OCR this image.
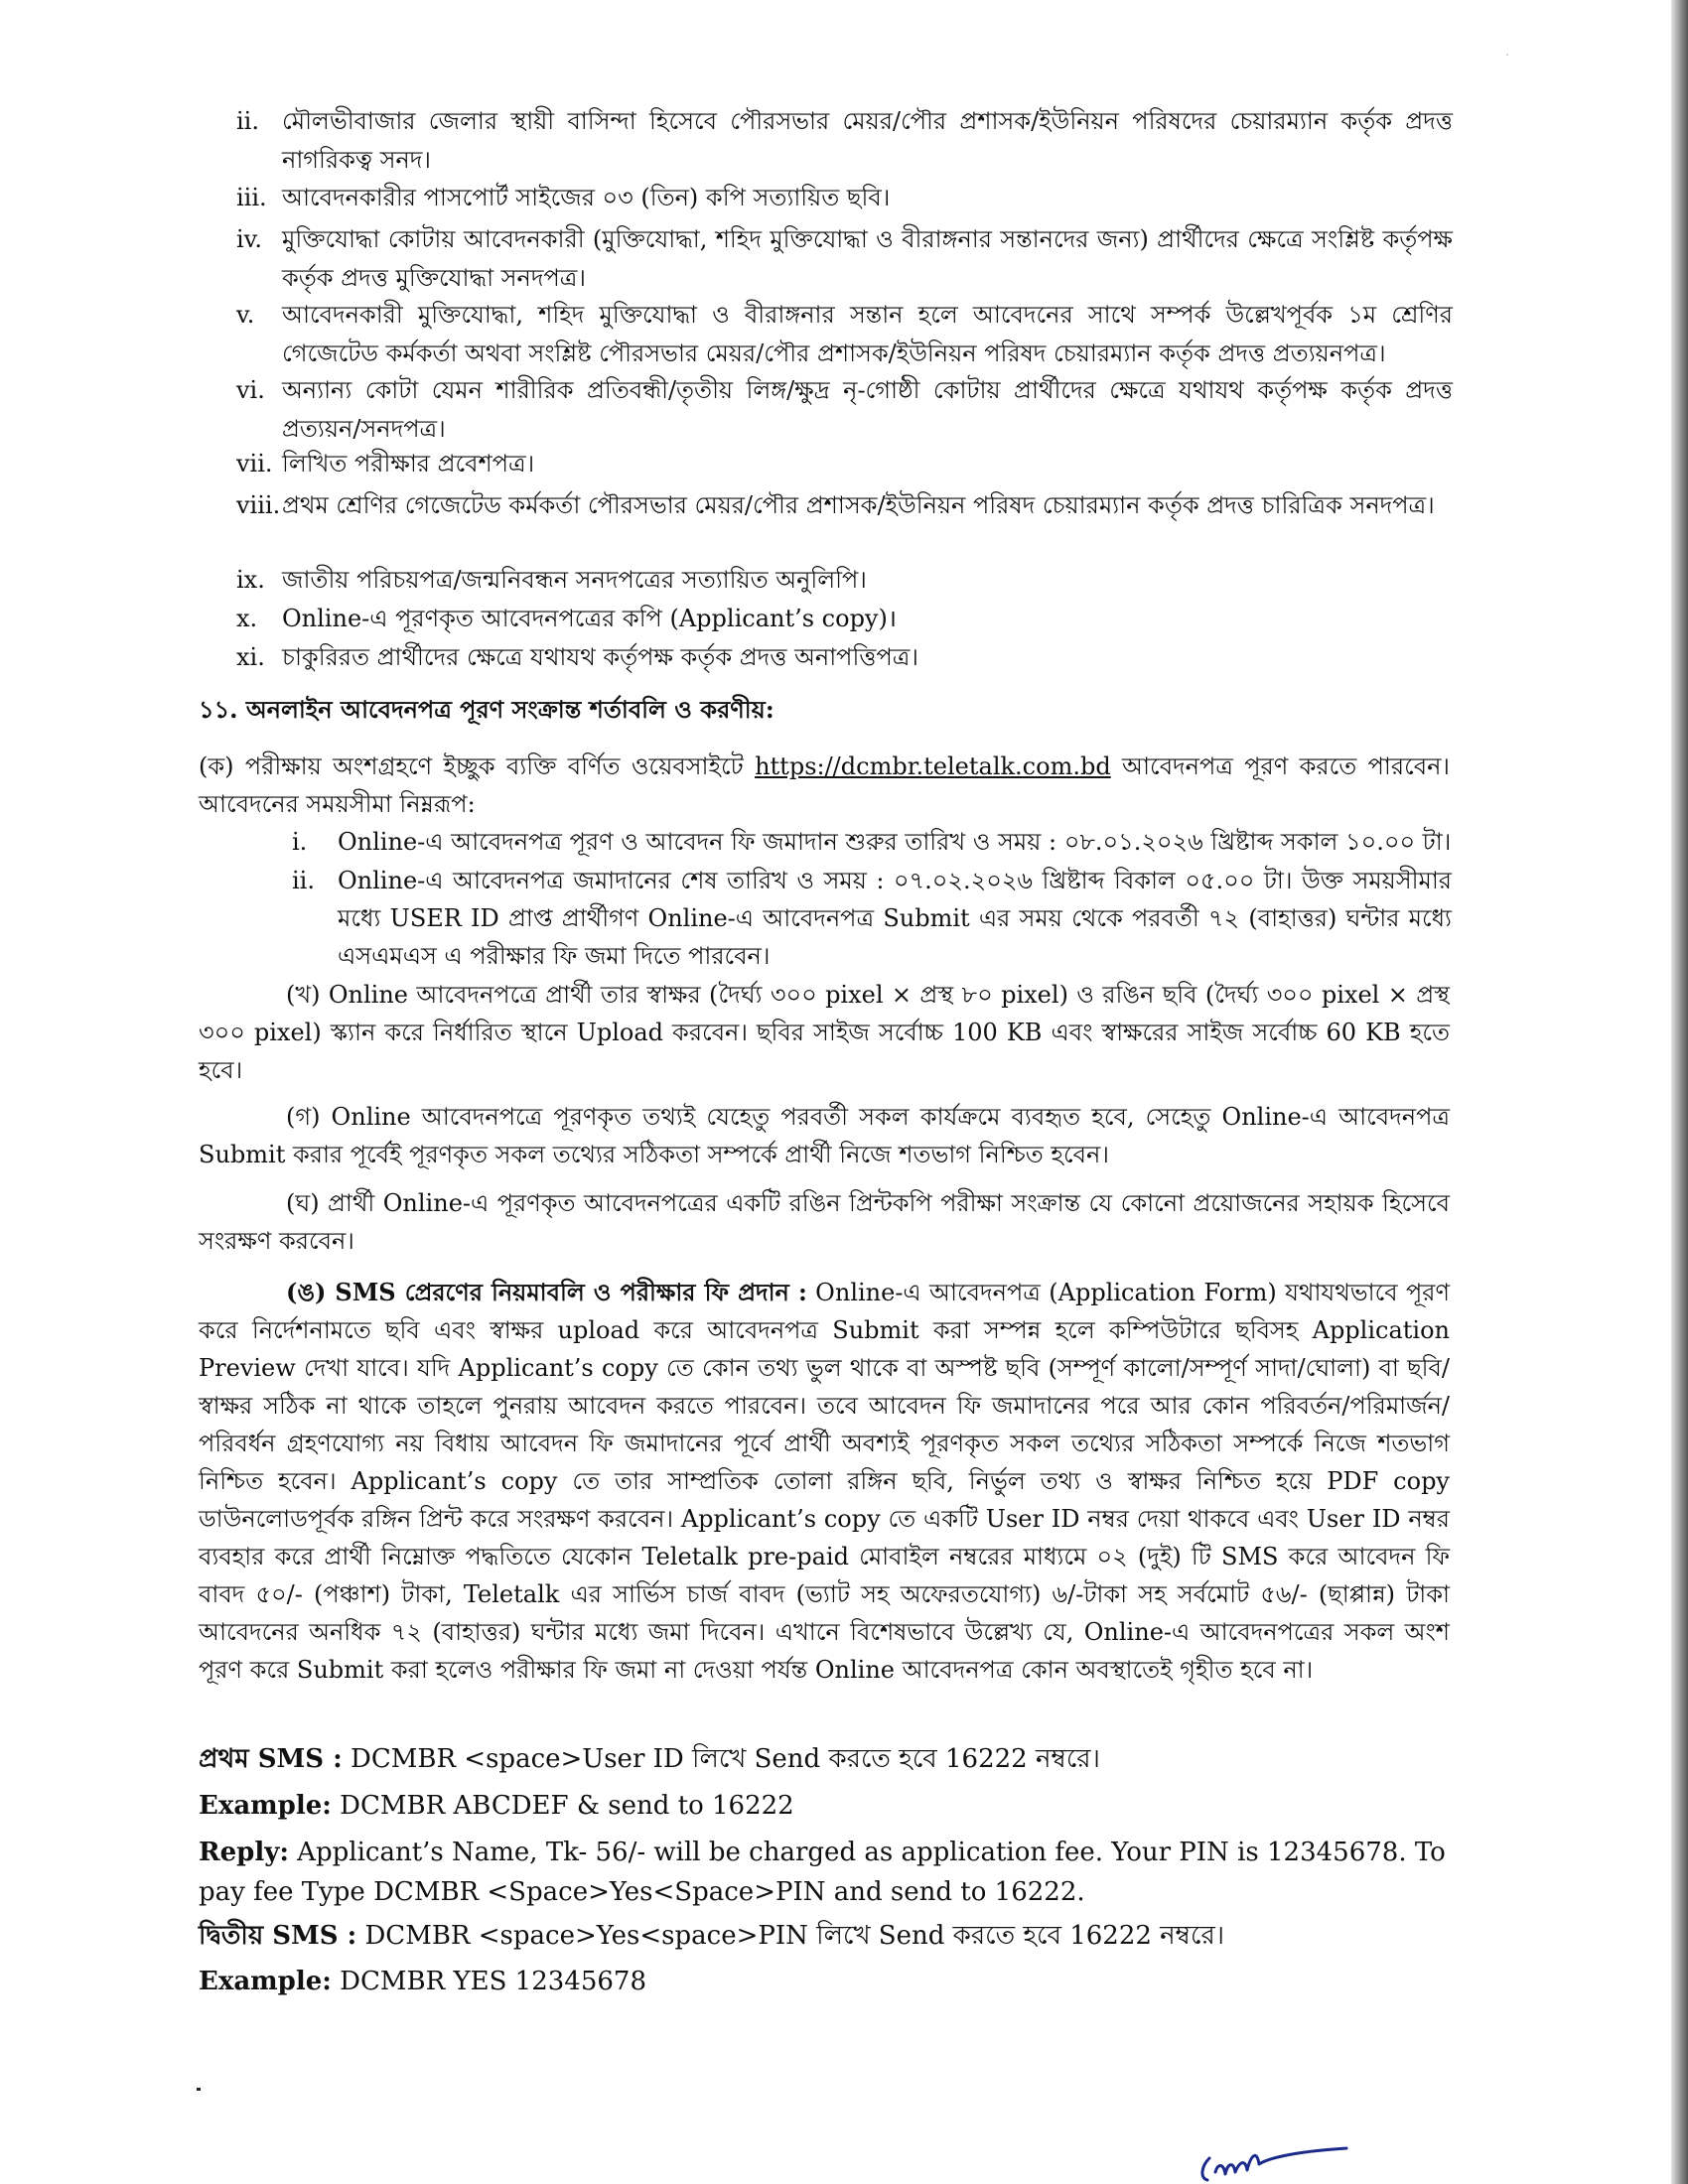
·
ii. মৌলভীবাজার জেলার স্থায়ী বাসিন্দা হিসেবে পৌরসভার মেয়র/পৌর প্রশাসক/ইউনিয়ন পরিষদের চেয়ারম্যান কর্তৃক প্রদত্ত নাগরিকত্ব সনদ।
iii. আবেদনকারীর পাসপোর্ট সাইজের ০৩ (তিন) কপি সত্যায়িত ছবি।
iv. মুক্তিযোদ্ধা কোটায় আবেদনকারী (মুক্তিযোদ্ধা, শহিদ মুক্তিযোদ্ধা ও বীরাঙ্গনার সন্তানদের জন্য) প্রার্থীদের ক্ষেত্রে সংশ্লিষ্ট কর্তৃপক্ষ কর্তৃক প্রদত্ত মুক্তিযোদ্ধা সনদপত্র।
v.	আবেদনকারী মুক্তিযোদ্ধা, শহিদ মুক্তিযোদ্ধা ও বীরাঙ্গনার সন্তান হলে আবেদনের সাথে সম্পর্ক উল্লেখপূর্বক ১ম শ্রেণির গেজেটেড কর্মকর্তা অথবা সংশ্লিষ্ট পৌরসভার মেয়র/পৌর প্রশাসক/ইউনিয়ন পরিষদ চেয়ারম্যান কর্তৃক প্রদত্ত প্রত্যয়নপত্র।
vi. অন্যান্য কোটা যেমন শারীরিক প্রতিবন্ধী/তৃতীয় লিঙ্গ/ক্ষুদ্র নৃ-গোষ্ঠী কোটায় প্রার্থীদের ক্ষেত্রে যথাযথ কর্তৃপক্ষ কর্তৃক প্রদত্ত প্রত্যয়ন/সনদপত্র।
vii. লিখিত পরীক্ষার প্রবেশপত্র।
viii. প্রথম শ্রেণির গেজেটেড কর্মকর্তা পৌরসভার মেয়র/পৌর প্রশাসক/ইউনিয়ন পরিষদ চেয়ারম্যান কর্তৃক প্রদত্ত চারিত্রিক সনদপত্র।
ix. জাতীয় পরিচয়পত্র/জন্মনিবন্ধন সনদপত্রের সত্যায়িত অনুলিপি।
x.	Online-এ পূরণকৃত আবেদনপত্রের কপি (Applicant’s copy)।
xi. চাকুরিরত প্রার্থীদের ক্ষেত্রে যথাযথ কর্তৃপক্ষ কর্তৃক প্রদত্ত অনাপত্তিপত্র।
১১. অনলাইন আবেদনপত্র পূরণ সংক্রান্ত শর্তাবলি ও করণীয়:
(ক) পরীক্ষায় অংশগ্রহণে ইচ্ছুক ব্যক্তি বর্ণিত ওয়েবসাইটে https://dcmbr.teletalk.com.bd আবেদনপত্র পূরণ করতে পারবেন। আবেদনের সময়সীমা নিম্নরূপ:
i. Online-এ আবেদনপত্র পূরণ ও আবেদন ফি জমাদান শুরুর তারিখ ও সময় : ০৮.০১.২০২৬ খ্রিষ্টাব্দ সকাল ১০.০০ টা।
ii. Online-এ আবেদনপত্র জমাদানের শেষ তারিখ ও সময় : ০৭.০২.২০২৬ খ্রিষ্টাব্দ বিকাল ০৫.০০ টা। উক্ত সময়সীমার মধ্যে USER ID প্রাপ্ত প্রার্থীগণ Online-এ আবেদনপত্র Submit এর সময় থেকে পরবর্তী ৭২ (বাহাত্তর) ঘন্টার মধ্যে এসএমএস এ পরীক্ষার ফি জমা দিতে পারবেন।
(খ) Online আবেদনপত্রে প্রার্থী তার স্বাক্ষর (দৈর্ঘ্য ৩০০ pixel × প্রস্থ ৮০ pixel) ও রঙিন ছবি (দৈর্ঘ্য ৩০০ pixel × প্রস্থ ৩০০ pixel) স্ক্যান করে নির্ধারিত স্থানে Upload করবেন। ছবির সাইজ সর্বোচ্চ 100 KB এবং স্বাক্ষরের সাইজ সর্বোচ্চ 60 KB হতে হবে।
(গ) Online আবেদনপত্রে পূরণকৃত তথ্যই যেহেতু পরবর্তী সকল কার্যক্রমে ব্যবহৃত হবে, সেহেতু Online-এ আবেদনপত্র Submit করার পূর্বেই পূরণকৃত সকল তথ্যের সঠিকতা সম্পর্কে প্রার্থী নিজে শতভাগ নিশ্চিত হবেন।
(ঘ) প্রার্থী Online-এ পূরণকৃত আবেদনপত্রের একটি রঙিন প্রিন্টকপি পরীক্ষা সংক্রান্ত যে কোনো প্রয়োজনের সহায়ক হিসেবে সংরক্ষণ করবেন।
(ঙ) SMS প্রেরণের নিয়মাবলি ও পরীক্ষার ফি প্রদান : Online-এ আবেদনপত্র (Application Form) যথাযথভাবে পূরণ করে নির্দেশনামতে ছবি এবং স্বাক্ষর upload করে আবেদনপত্র Submit করা সম্পন্ন হলে কম্পিউটারে ছবিসহ Application Preview দেখা যাবে। যদি Applicant’s copy তে কোন তথ্য ভুল থাকে বা অস্পষ্ট ছবি (সম্পূর্ণ কালো/সম্পূর্ণ সাদা/ঘোলা) বা ছবি/স্বাক্ষর সঠিক না থাকে তাহলে পুনরায় আবেদন করতে পারবেন। তবে আবেদন ফি জমাদানের পরে আর কোন পরিবর্তন/পরিমার্জন/পরিবর্ধন গ্রহণযোগ্য নয় বিধায় আবেদন ফি জমাদানের পূর্বে প্রার্থী অবশ্যই পূরণকৃত সকল তথ্যের সঠিকতা সম্পর্কে নিজে শতভাগ নিশ্চিত হবেন। Applicant’s copy তে তার সাম্প্রতিক তোলা রঙ্গিন ছবি, নির্ভুল তথ্য ও স্বাক্ষর নিশ্চিত হয়ে PDF copy ডাউনলোডপূর্বক রঙ্গিন প্রিন্ট করে সংরক্ষণ করবেন। Applicant’s copy তে একটি User ID নম্বর দেয়া থাকবে এবং User ID নম্বর ব্যবহার করে প্রার্থী নিম্নোক্ত পদ্ধতিতে যেকোন Teletalk pre-paid মোবাইল নম্বরের মাধ্যমে ০২ (দুই) টি SMS করে আবেদন ফি বাবদ ৫০/- (পঞ্চাশ) টাকা, Teletalk এর সার্ভিস চার্জ বাবদ (ভ্যাট সহ অফেরতযোগ্য) ৬/-টাকা সহ সর্বমোট ৫৬/- (ছাপ্পান্ন) টাকা আবেদনের অনধিক ৭২ (বাহাত্তর) ঘন্টার মধ্যে জমা দিবেন। এখানে বিশেষভাবে উল্লেখ্য যে, Online-এ আবেদনপত্রের সকল অংশ পূরণ করে Submit করা হলেও পরীক্ষার ফি জমা না দেওয়া পর্যন্ত Online আবেদনপত্র কোন অবস্থাতেই গৃহীত হবে না।
প্রথম SMS : DCMBR <space>User ID লিখে Send করতে হবে 16222 নম্বরে।
Example: DCMBR ABCDEF & send to 16222
Reply: Applicant’s Name, Tk- 56/- will be charged as application fee. Your PIN is 12345678. To pay fee Type DCMBR <Space>Yes<Space>PIN and send to 16222.
দ্বিতীয় SMS : DCMBR <space>Yes<space>PIN লিখে Send করতে হবে 16222 নম্বরে।
Example: DCMBR YES 12345678
